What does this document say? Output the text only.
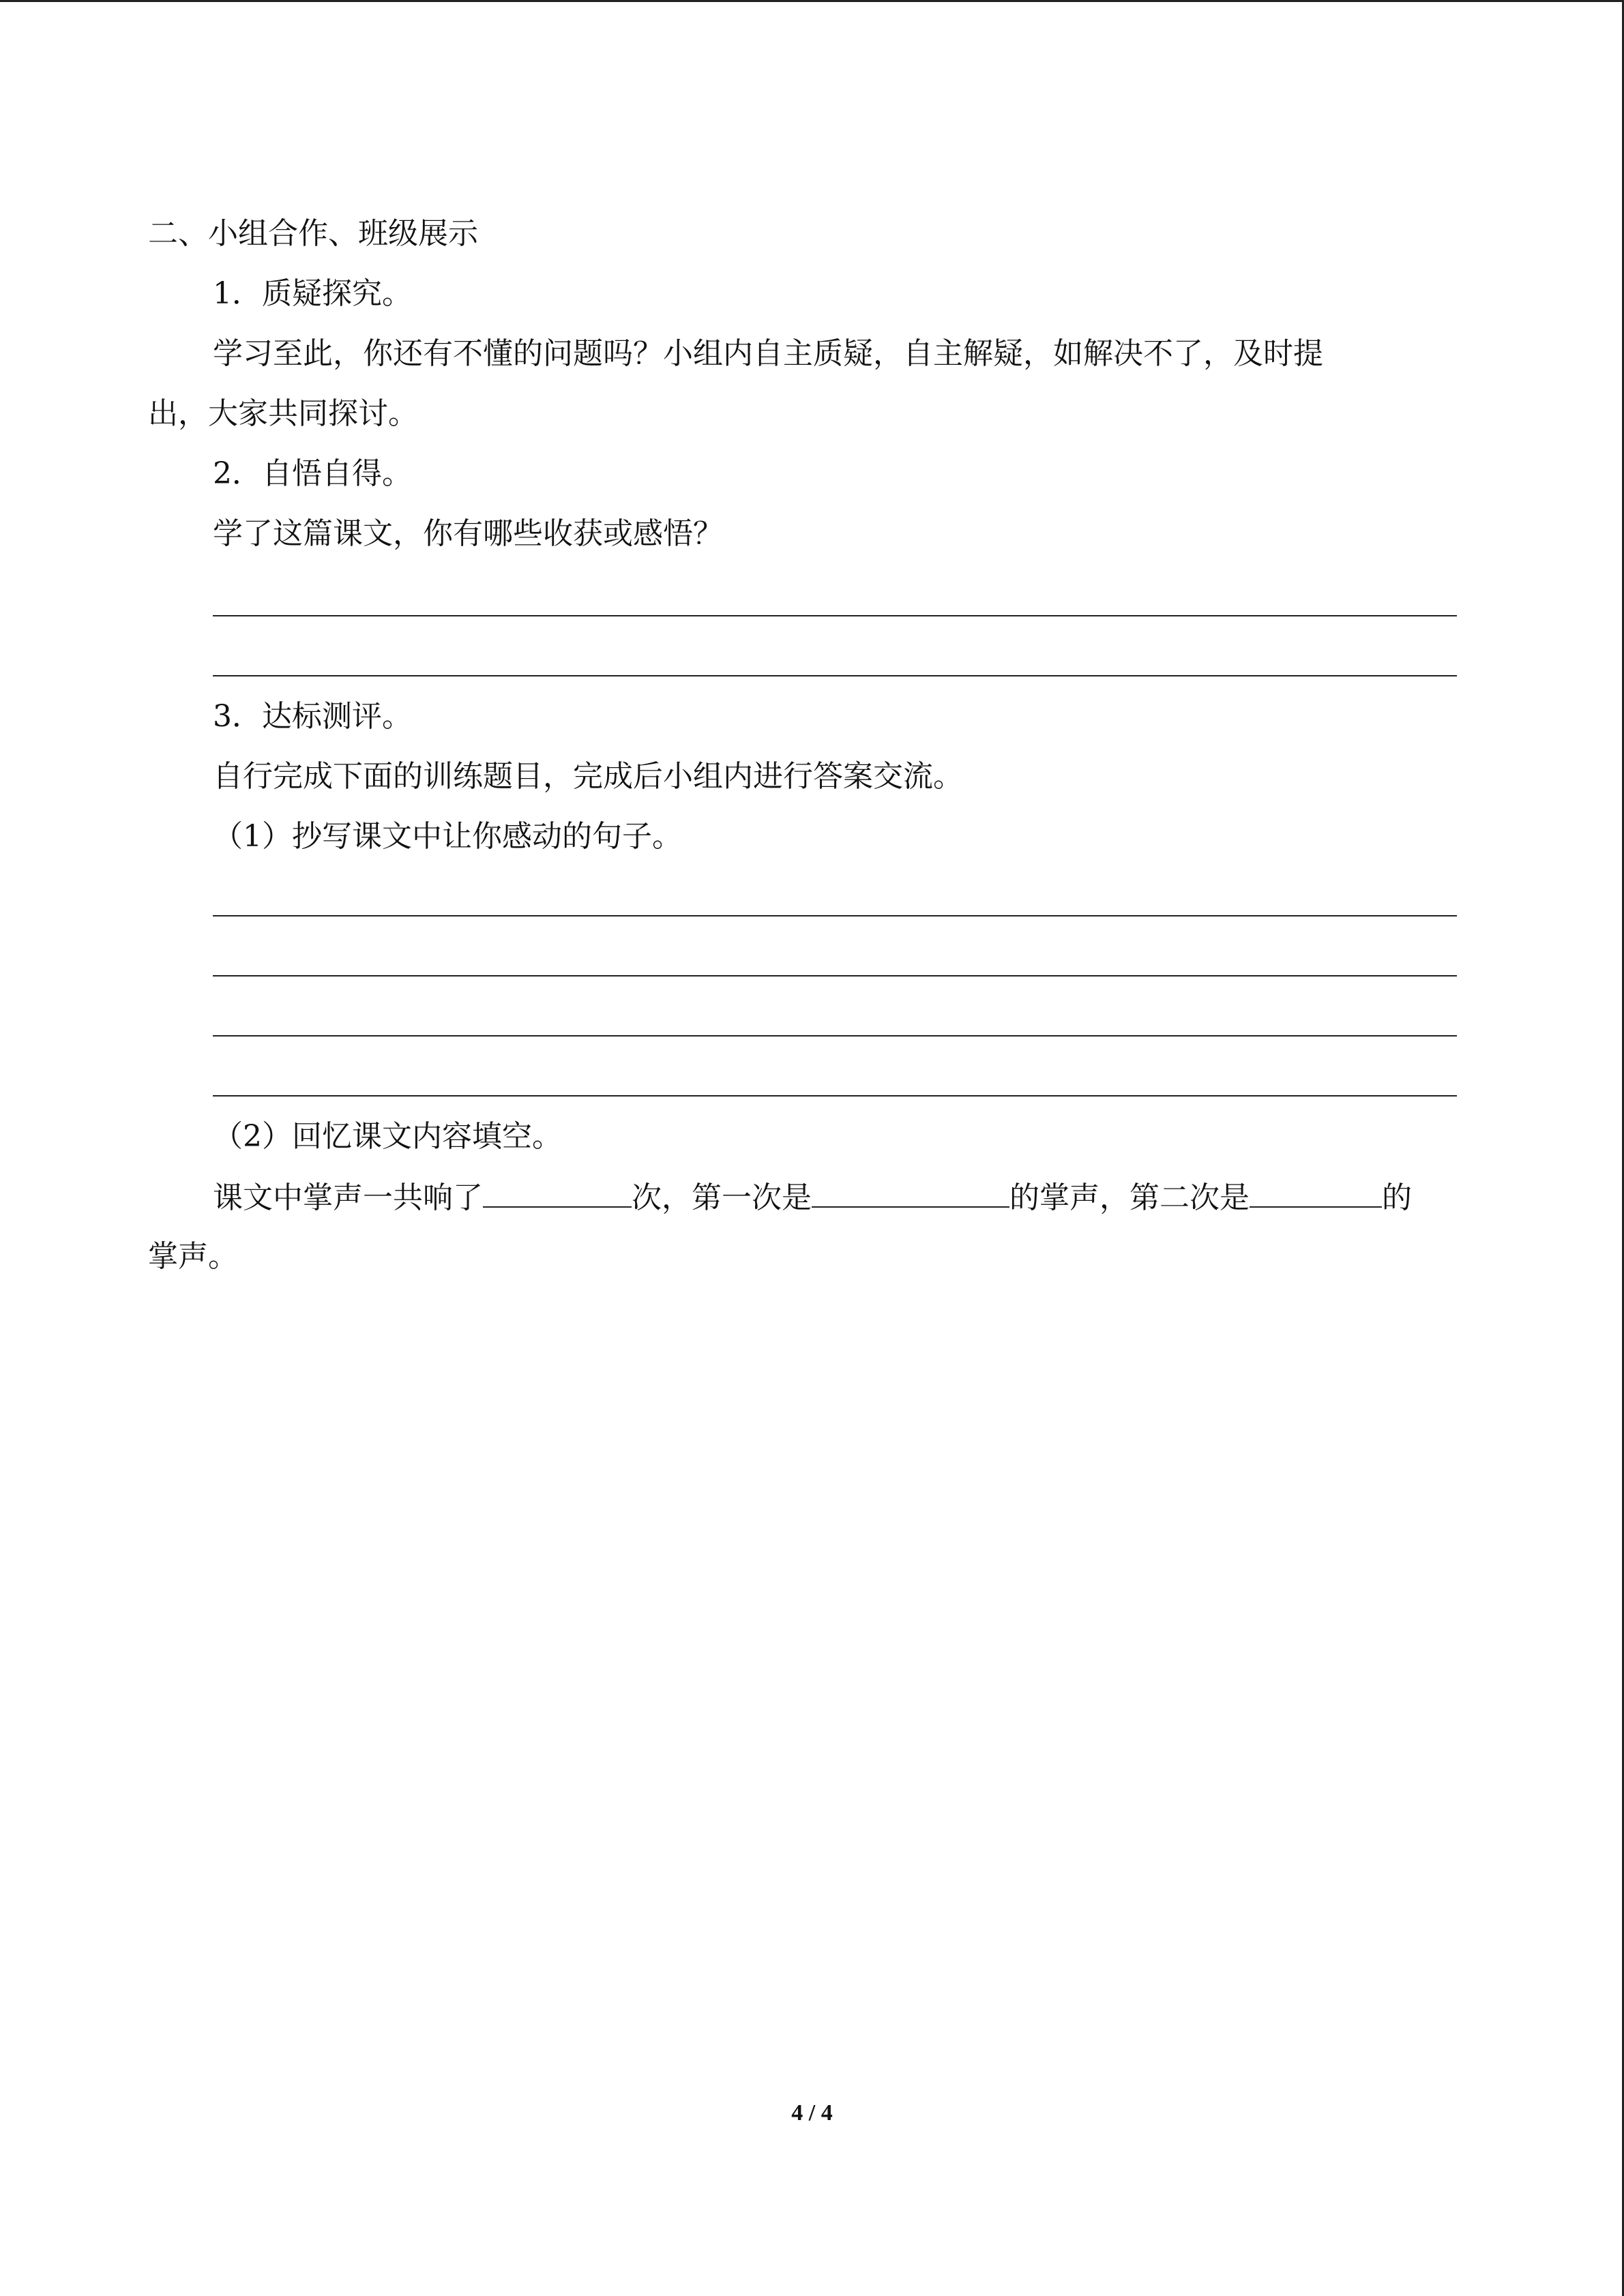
二、小组合作、班级展示
1．质疑探究。
学习至此，你还有不懂的问题吗？小组内自主质疑，自主解疑，如解决不了，及时提
出，大家共同探讨。
2．自悟自得。
学了这篇课文，你有哪些收获或感悟？
3．达标测评。
自行完成下面的训练题目，完成后小组内进行答案交流。
（1）抄写课文中让你感动的句子。
（2）回忆课文内容填空。
课文中掌声一共响了	次，第一次是	的掌声，第二次是	的
掌声。
4 / 4
